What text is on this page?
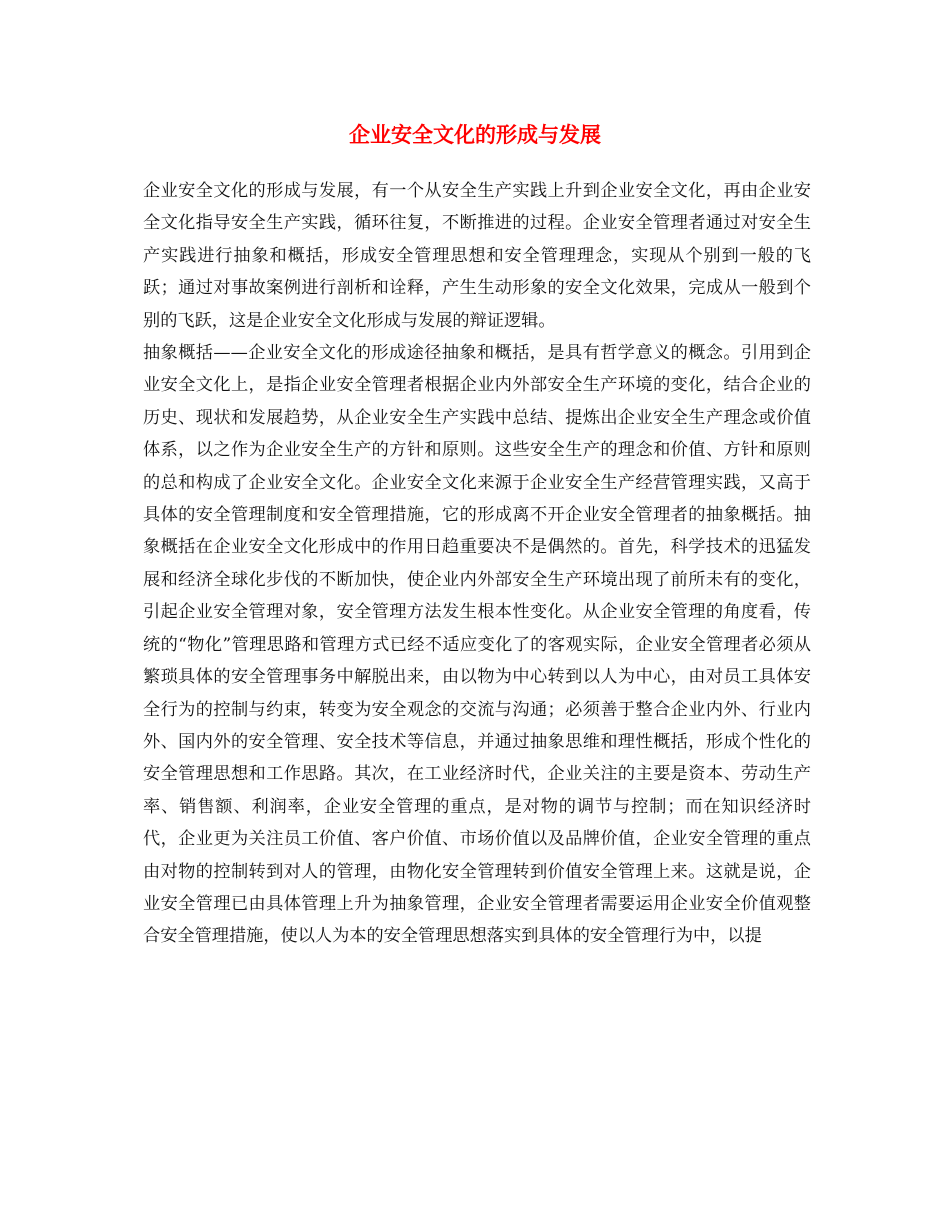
企业安全文化的形成与发展

企业安全文化的形成与发展，有一个从安全生产实践上升到企业安全文化，再由企业安全文化指导安全生产实践，循环往复，不断推进的过程。企业安全管理者通过对安全生产实践进行抽象和概括，形成安全管理思想和安全管理理念，实现从个别到一般的飞跃；通过对事故案例进行剖析和诠释，产生生动形象的安全文化效果，完成从一般到个别的飞跃，这是企业安全文化形成与发展的辩证逻辑。

抽象概括——企业安全文化的形成途径抽象和概括，是具有哲学意义的概念。引用到企业安全文化上，是指企业安全管理者根据企业内外部安全生产环境的变化，结合企业的历史、现状和发展趋势，从企业安全生产实践中总结、提炼出企业安全生产理念或价值体系，以之作为企业安全生产的方针和原则。这些安全生产的理念和价值、方针和原则的总和构成了企业安全文化。企业安全文化来源于企业安全生产经营管理实践，又高于具体的安全管理制度和安全管理措施，它的形成离不开企业安全管理者的抽象概括。抽象概括在企业安全文化形成中的作用日趋重要决不是偶然的。首先，科学技术的迅猛发展和经济全球化步伐的不断加快，使企业内外部安全生产环境出现了前所未有的变化，引起企业安全管理对象，安全管理方法发生根本性变化。从企业安全管理的角度看，传统的“物化”管理思路和管理方式已经不适应变化了的客观实际，企业安全管理者必须从繁琐具体的安全管理事务中解脱出来，由以物为中心转到以人为中心，由对员工具体安全行为的控制与约束，转变为安全观念的交流与沟通；必须善于整合企业内外、行业内外、国内外的安全管理、安全技术等信息，并通过抽象思维和理性概括，形成个性化的安全管理思想和工作思路。其次，在工业经济时代，企业关注的主要是资本、劳动生产率、销售额、利润率，企业安全管理的重点，是对物的调节与控制；而在知识经济时代，企业更为关注员工价值、客户价值、市场价值以及品牌价值，企业安全管理的重点由对物的控制转到对人的管理，由物化安全管理转到价值安全管理上来。这就是说，企业安全管理已由具体管理上升为抽象管理，企业安全管理者需要运用企业安全价值观整合安全管理措施，使以人为本的安全管理思想落实到具体的安全管理行为中，以提
